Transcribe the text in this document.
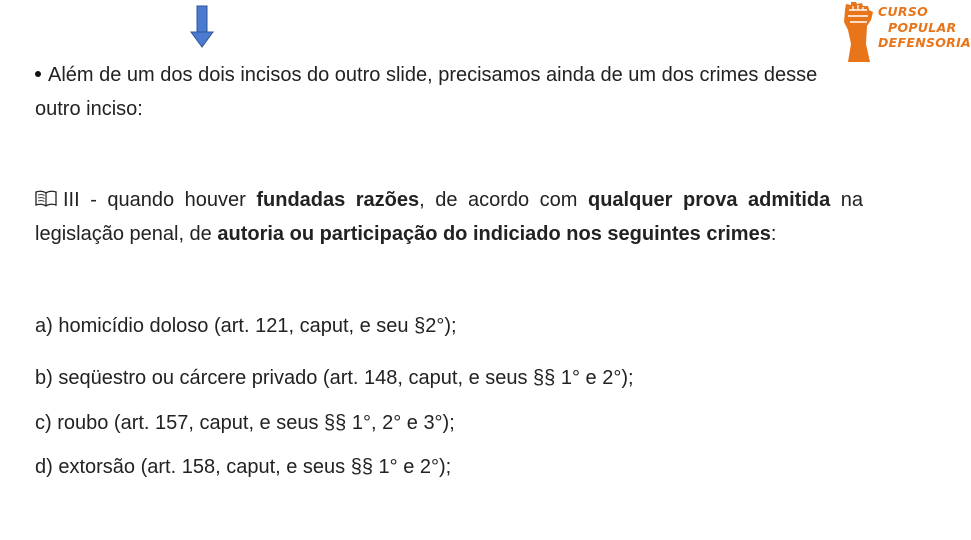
CURSO
POPULAR
DEFENSORIA
Além de um dos dois incisos do outro slide, precisamos ainda de um dos crimes desse outro inciso:
III - quando houver fundadas razões, de acordo com qualquer prova admitida na legislação penal, de autoria ou participação do indiciado nos seguintes crimes:
a) homicídio doloso (art. 121, caput, e seu §2°);
b) seqüestro ou cárcere privado (art. 148, caput, e seus §§ 1° e 2°);
c) roubo (art. 157, caput, e seus §§ 1°, 2° e 3°);
d) extorsão (art. 158, caput, e seus §§ 1° e 2°);
